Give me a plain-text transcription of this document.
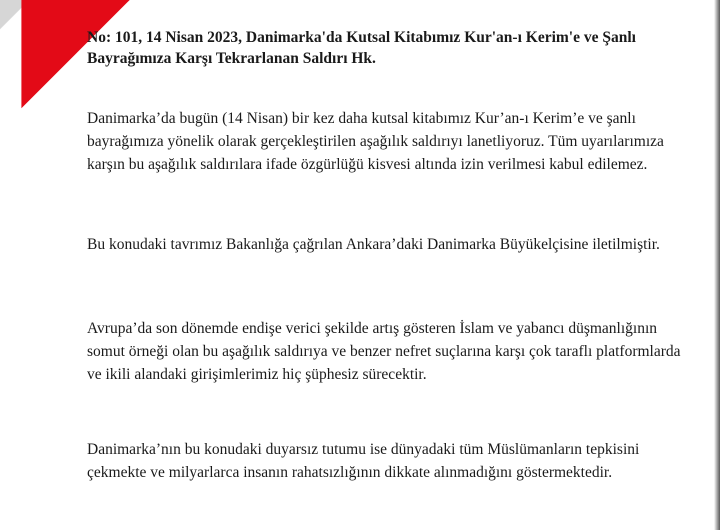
No: 101, 14 Nisan 2023, Danimarka'da Kutsal Kitabımız Kur'an-ı Kerim'e ve Şanlı Bayrağımıza Karşı Tekrarlanan Saldırı Hk.

Danimarka’da bugün (14 Nisan) bir kez daha kutsal kitabımız Kur’an-ı Kerim’e ve şanlı bayrağımıza yönelik olarak gerçekleştirilen aşağılık saldırıyı lanetliyoruz. Tüm uyarılarımıza karşın bu aşağılık saldırılara ifade özgürlüğü kisvesi altında izin verilmesi kabul edilemez.

Bu konudaki tavrımız Bakanlığa çağrılan Ankara’daki Danimarka Büyükelçisine iletilmiştir.

Avrupa’da son dönemde endişe verici şekilde artış gösteren İslam ve yabancı düşmanlığının somut örneği olan bu aşağılık saldırıya ve benzer nefret suçlarına karşı çok taraflı platformlarda ve ikili alandaki girişimlerimiz hiç şüphesiz sürecektir.

Danimarka’nın bu konudaki duyarsız tutumu ise dünyadaki tüm Müslümanların tepkisini çekmekte ve milyarlarca insanın rahatsızlığının dikkate alınmadığını göstermektedir.
